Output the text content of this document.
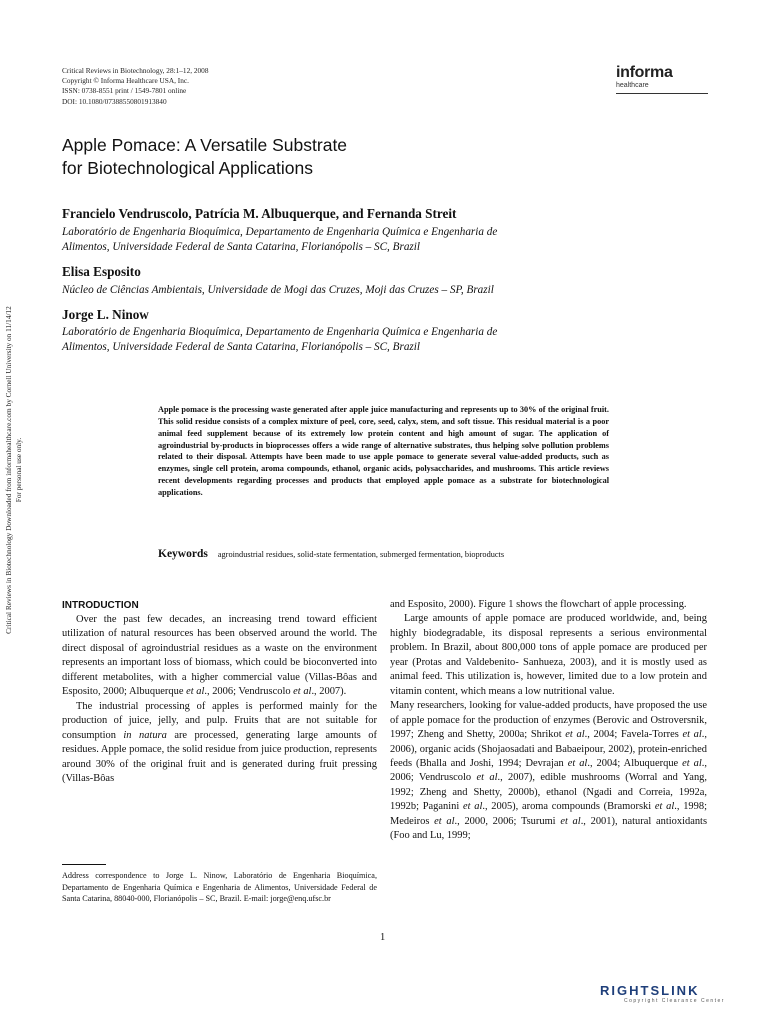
Critical Reviews in Biotechnology, 28:1–12, 2008
Copyright © Informa Healthcare USA, Inc.
ISSN: 0738-8551 print / 1549-7801 online
DOI: 10.1080/07388550801913840
informa
healthcare
Apple Pomace: A Versatile Substrate
for Biotechnological Applications
Francielo Vendruscolo, Patrícia M. Albuquerque, and Fernanda Streit
Laboratório de Engenharia Bioquímica, Departamento de Engenharia Química e Engenharia de
Alimentos, Universidade Federal de Santa Catarina, Florianópolis – SC, Brazil
Elisa Esposito
Núcleo de Ciências Ambientais, Universidade de Mogi das Cruzes, Moji das Cruzes – SP, Brazil
Jorge L. Ninow
Laboratório de Engenharia Bioquímica, Departamento de Engenharia Química e Engenharia de
Alimentos, Universidade Federal de Santa Catarina, Florianópolis – SC, Brazil
Critical Reviews in Biotechnology Downloaded from informahealthcare.com by Cornell University on 11/14/12 For personal use only.
Apple pomace is the processing waste generated after apple juice manufacturing and represents up to 30% of the original fruit. This solid residue consists of a complex mixture of peel, core, seed, calyx, stem, and soft tissue. This residual material is a poor animal feed supplement because of its extremely low protein content and high amount of sugar. The application of agroindustrial by-products in bioprocesses offers a wide range of alternative substrates, thus helping solve pollution problems related to their disposal. Attempts have been made to use apple pomace to generate several value-added products, such as enzymes, single cell protein, aroma compounds, ethanol, organic acids, polysaccharides, and mushrooms. This article reviews recent developments regarding processes and products that employed apple pomace as a substrate for biotechnological applications.
Keywords agroindustrial residues, solid-state fermentation, submerged fermentation, bioproducts
INTRODUCTION

Over the past few decades, an increasing trend toward efficient utilization of natural resources has been observed around the world. The direct disposal of agroindustrial residues as a waste on the environment represents an important loss of biomass, which could be bioconverted into different metabolites, with a higher commercial value (Villas-Bôas and Esposito, 2000; Albuquerque et al., 2006; Vendruscolo et al., 2007).

The industrial processing of apples is performed mainly for the production of juice, jelly, and pulp. Fruits that are not suitable for consumption in natura are processed, generating large amounts of residues. Apple pomace, the solid residue from juice production, represents around 30% of the original fruit and is generated during fruit pressing (Villas-Bôas

Address correspondence to Jorge L. Ninow, Laboratório de Engenharia Bioquímica, Departamento de Engenharia Química e Engenharia de Alimentos, Universidade Federal de Santa Catarina, 88040-000, Florianópolis – SC, Brazil. E-mail: jorge@enq.ufsc.br

and Esposito, 2000). Figure 1 shows the flowchart of apple processing.

Large amounts of apple pomace are produced worldwide, and, being highly biodegradable, its disposal represents a serious environmental problem. In Brazil, about 800,000 tons of apple pomace are produced per year (Protas and Valdebenito- Sanhueza, 2003), and it is mostly used as animal feed. This utilization is, however, limited due to a low protein and vitamin content, which means a low nutritional value.

Many researchers, looking for value-added products, have proposed the use of apple pomace for the production of enzymes (Berovic and Ostroversnik, 1997; Zheng and Shetty, 2000a; Shrikot et al., 2004; Favela-Torres et al., 2006), organic acids (Shojaosadati and Babaeipour, 2002), protein-enriched feeds (Bhalla and Joshi, 1994; Devrajan et al., 2004; Albuquerque et al., 2006; Vendruscolo et al., 2007), edible mushrooms (Worral and Yang, 1992; Zheng and Shetty, 2000b), ethanol (Ngadi and Correia, 1992a, 1992b; Paganini et al., 2005), aroma compounds (Bramorski et al., 1998; Medeiros et al., 2000, 2006; Tsurumi et al., 2001), natural antioxidants (Foo and Lu, 1999;

1
RIGHTSLINK
Copyright Clearance Center
